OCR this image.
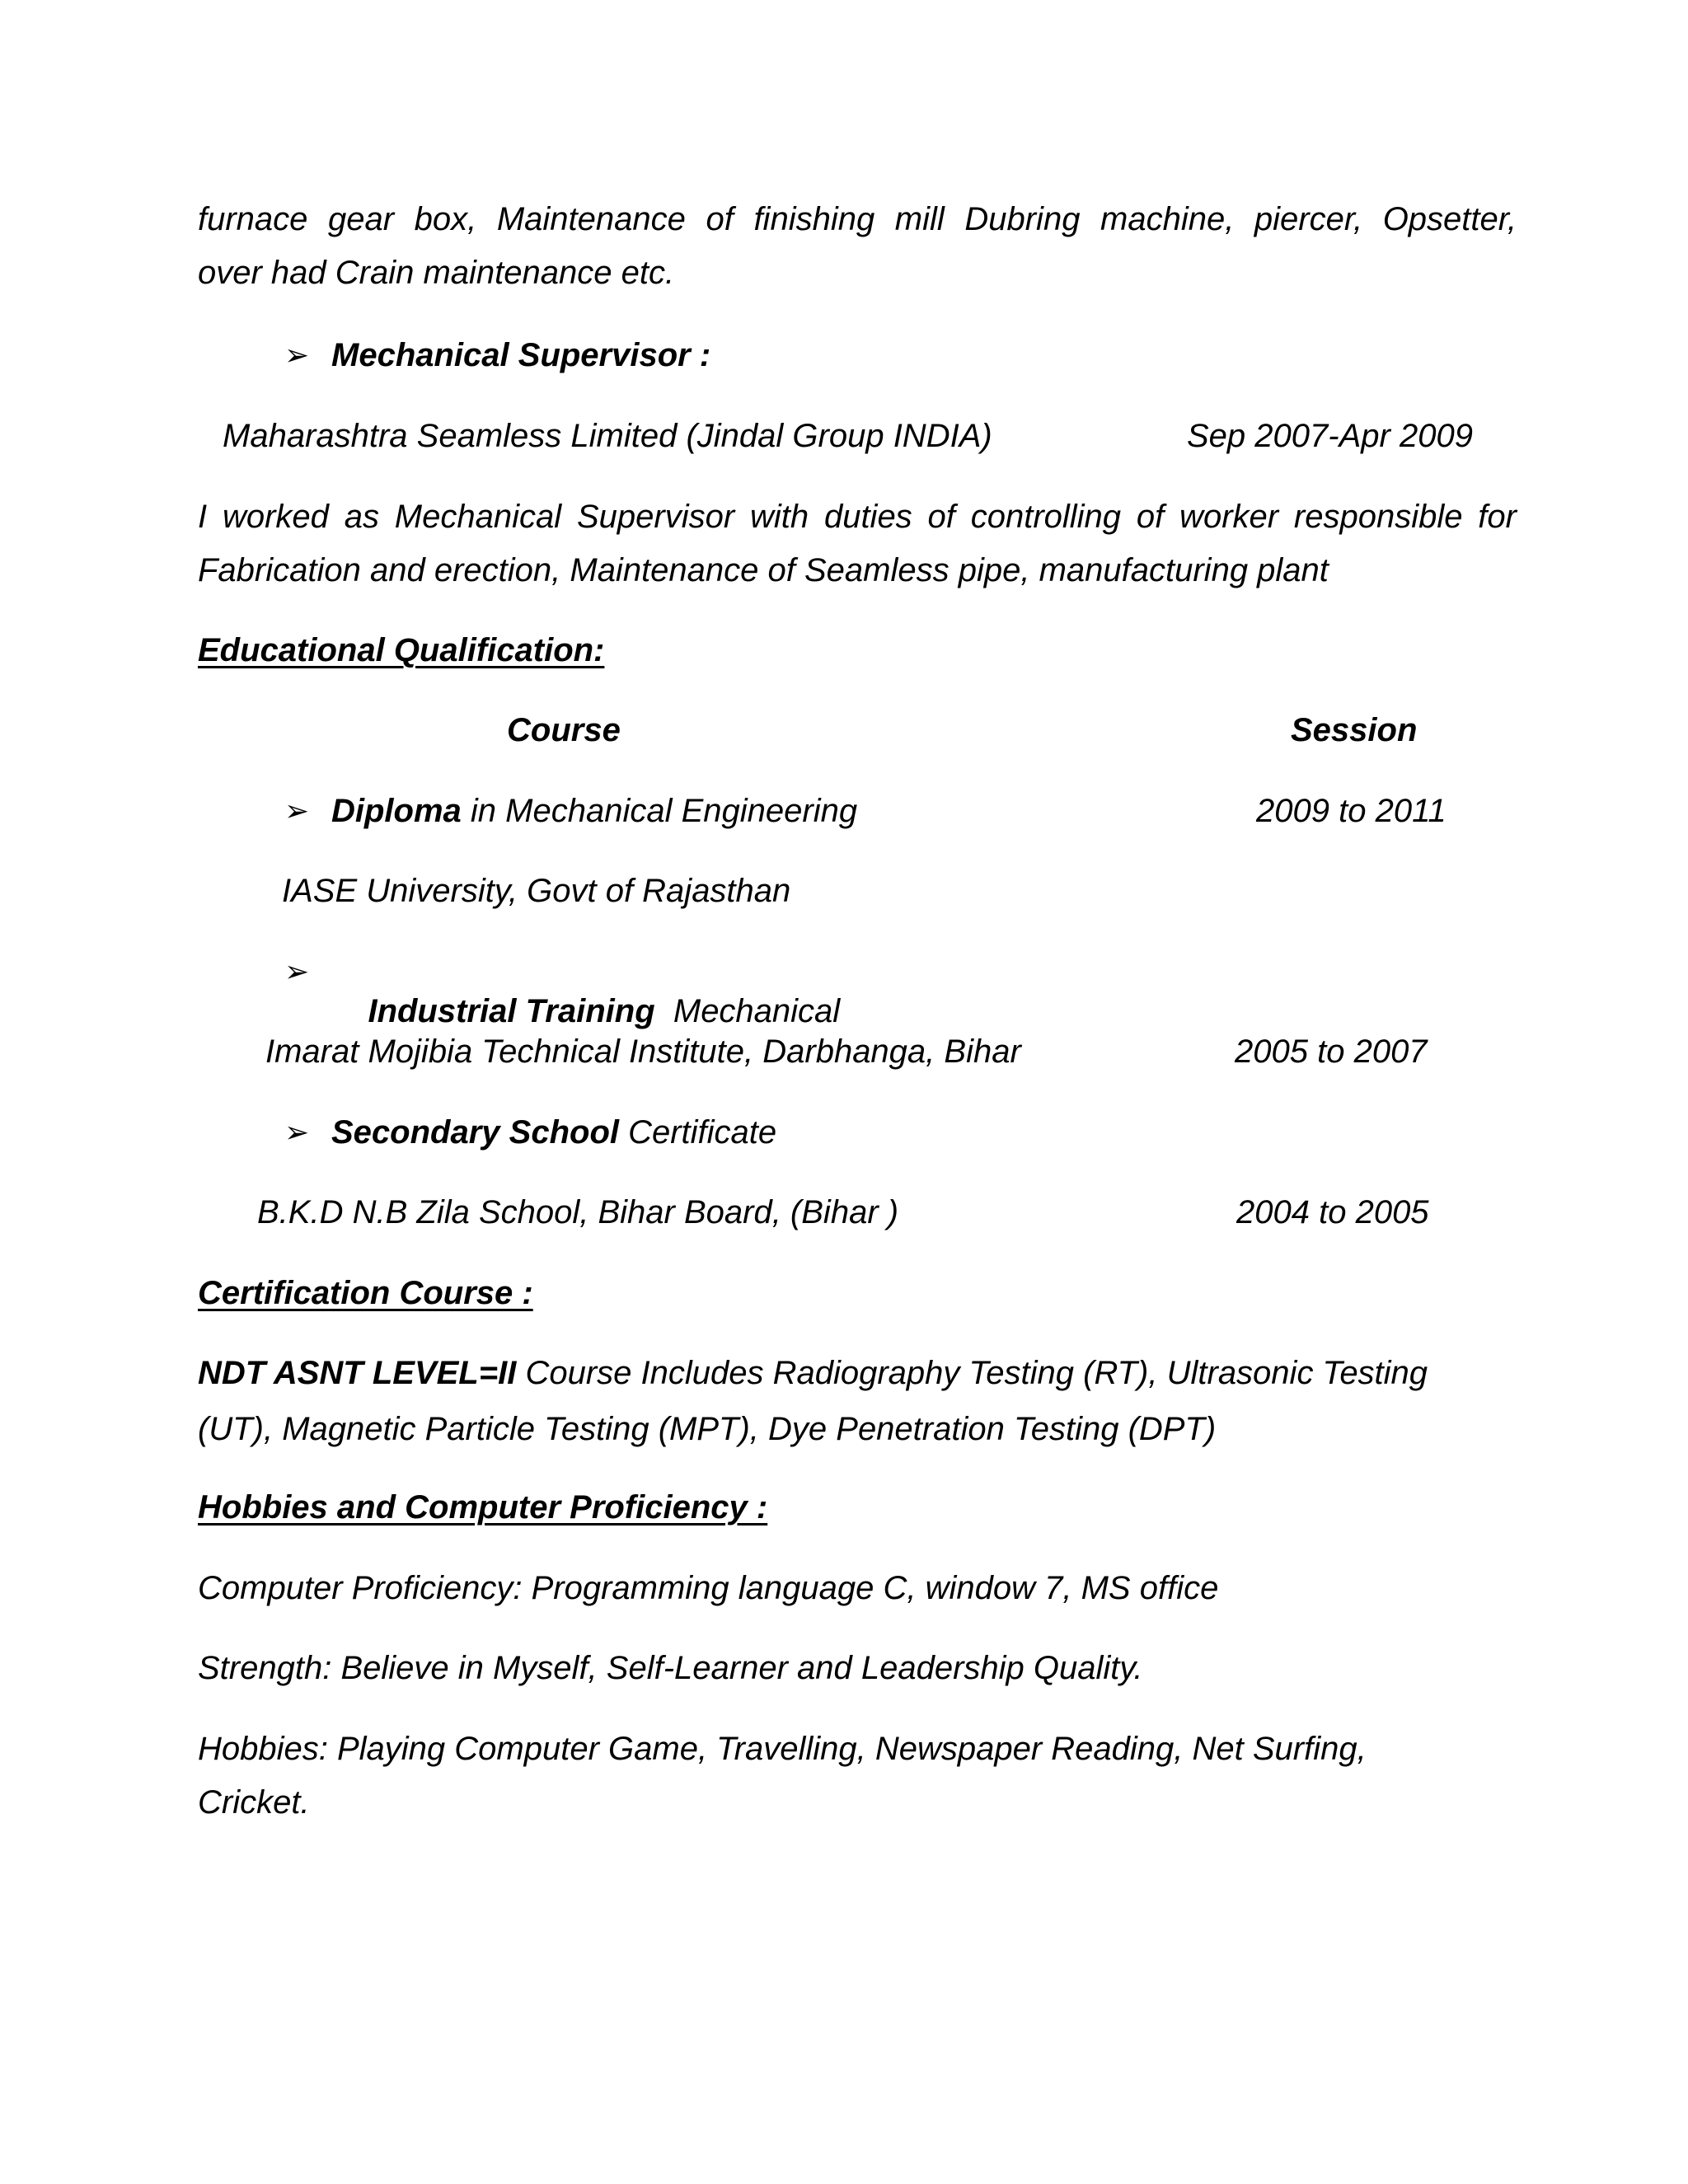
furnace gear box, Maintenance of finishing mill Dubring machine, piercer, Opsetter,
over had Crain maintenance etc.
➢ Mechanical Supervisor :
Maharashtra Seamless Limited (Jindal Group INDIA)	Sep 2007-Apr 2009
I worked as Mechanical Supervisor with duties of controlling of worker responsible for
Fabrication and erection, Maintenance of Seamless pipe, manufacturing plant
Educational Qualification:
Course	Session
➢ Diploma in Mechanical Engineering	2009 to 2011
IASE University, Govt of Rajasthan
➢

Industrial Training  Mechanical

Imarat Mojibia Technical Institute, Darbhanga, Bihar	2005 to 2007
➢ Secondary School Certificate
B.K.D N.B Zila School, Bihar Board, (Bihar )	2004 to 2005
Certification Course :
NDT ASNT LEVEL=II Course Includes Radiography Testing (RT), Ultrasonic Testing
(UT), Magnetic Particle Testing (MPT), Dye Penetration Testing (DPT)
Hobbies and Computer Proficiency :
Computer Proficiency: Programming language C, window 7, MS office
Strength: Believe in Myself, Self-Learner and Leadership Quality.
Hobbies: Playing Computer Game, Travelling, Newspaper Reading, Net Surfing,
Cricket.
